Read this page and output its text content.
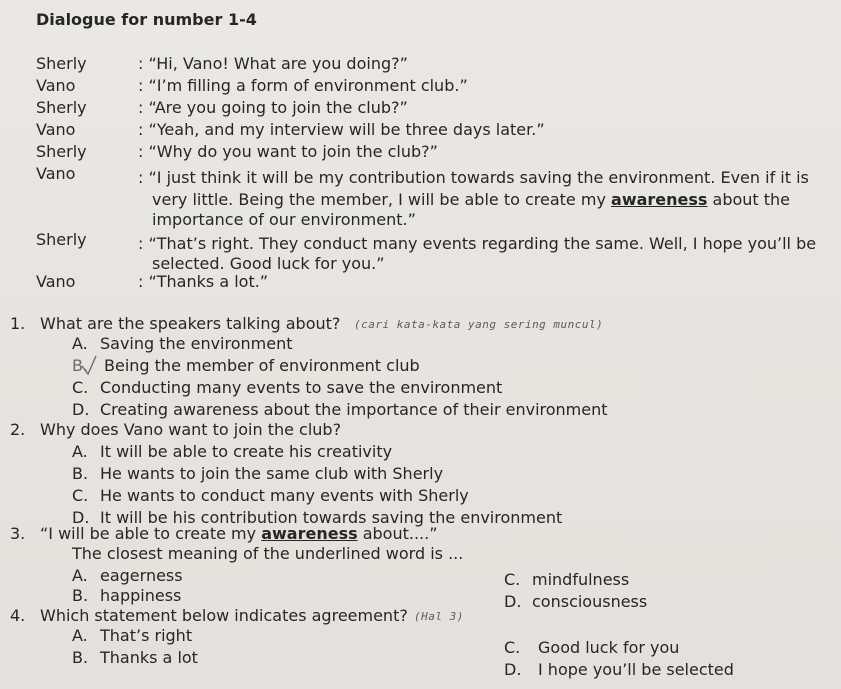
Dialogue for number 1-4
Sherly	: “Hi, Vano! What are you doing?”
Vano	: “I’m filling a form of environment club.”
Sherly	: “Are you going to join the club?”
Vano	: “Yeah, and my interview will be three days later.”
Sherly	: “Why do you want to join the club?”
Vano	: “I just think it will be my contribution towards saving the environment. Even if it is
very little. Being the member, I will be able to create my awareness about the
importance of our environment.”
Sherly	: “That’s right. They conduct many events regarding the same. Well, I hope you’ll be
selected. Good luck for you.”
Vano	: “Thanks a lot.”
1. What are the speakers talking about? (cari kata-kata yang sering muncul)
A. Saving the environment
B. Being the member of environment club
C. Conducting many events to save the environment
D. Creating awareness about the importance of their environment
2. Why does Vano want to join the club?
A. It will be able to create his creativity
B. He wants to join the same club with Sherly
C. He wants to conduct many events with Sherly
D. It will be his contribution towards saving the environment
3. “I will be able to create my awareness about....”
The closest meaning of the underlined word is ...
A. eagerness
B. happiness
C. mindfulness
D. consciousness
4. Which statement below indicates agreement? (Hal 3)
A. That’s right
B. Thanks a lot
C. Good luck for you
D. I hope you’ll be selected
